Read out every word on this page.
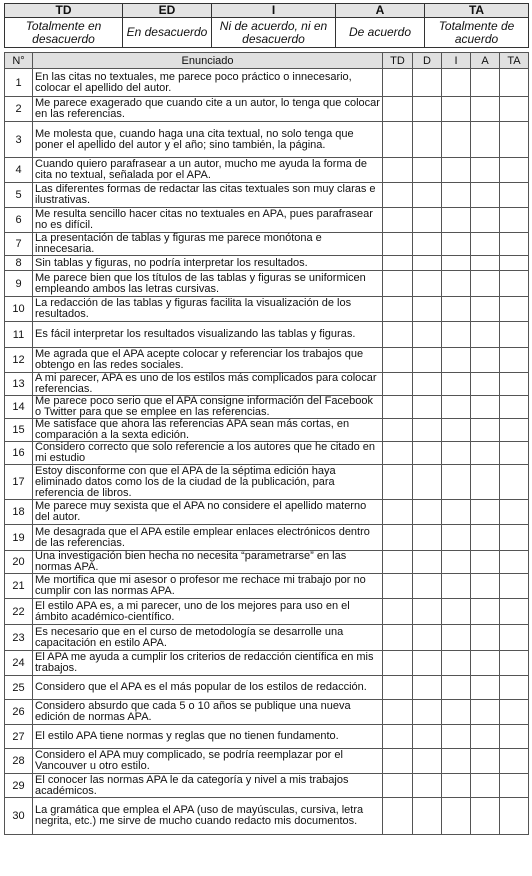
TD	ED	I	A	TA
Totalmente en desacuerdo	En desacuerdo	Ni de acuerdo, ni en desacuerdo	De acuerdo	Totalmente de acuerdo
N°	Enunciado	TD	D	I	A	TA
1	En las citas no textuales, me parece poco práctico o innecesario, colocar el apellido del autor.					
2	Me parece exagerado que cuando cite a un autor, lo tenga que colocar en las referencias.					
3	Me molesta que, cuando haga una cita textual, no solo tenga que poner el apellido del autor y el año; sino también, la página.					
4	Cuando quiero parafrasear a un autor, mucho me ayuda la forma de cita no textual, señalada por el APA.					
5	Las diferentes formas de redactar las citas textuales son muy claras e ilustrativas.					
6	Me resulta sencillo hacer citas no textuales en APA, pues parafrasear no es difícil.					
7	La presentación de tablas y figuras me parece monótona e innecesaria.					
8	Sin tablas y figuras, no podría interpretar los resultados.					
9	Me parece bien que los títulos de las tablas y figuras se uniformicen empleando ambos las letras cursivas.					
10	La redacción de las tablas y figuras facilita la visualización de los resultados.					
11	Es fácil interpretar los resultados visualizando las tablas y figuras.					
12	Me agrada que el APA acepte colocar y referenciar los trabajos que obtengo en las redes sociales.					
13	A mi parecer, APA es uno de los estilos más complicados para colocar referencias.					
14	Me parece poco serio que el APA consigne información del Facebook o Twitter para que se emplee en las referencias.					
15	Me satisface que ahora las referencias APA sean más cortas, en comparación a la sexta edición.					
16	Considero correcto que solo referencie a los autores que he citado en mi estudio					
17	Estoy disconforme con que el APA de la séptima edición haya eliminado datos como los de la ciudad de la publicación, para referencia de libros.					
18	Me parece muy sexista que el APA no considere el apellido materno del autor.					
19	Me desagrada que el APA estile emplear enlaces electrónicos dentro de las referencias.					
20	Una investigación bien hecha no necesita “parametrarse” en las normas APA.					
21	Me mortifica que mi asesor o profesor me rechace mi trabajo por no cumplir con las normas APA.					
22	El estilo APA es, a mi parecer, uno de los mejores para uso en el ámbito académico-científico.					
23	Es necesario que en el curso de metodología se desarrolle una capacitación en estilo APA.					
24	El APA me ayuda a cumplir los criterios de redacción científica en mis trabajos.					
25	Considero que el APA es el más popular de los estilos de redacción.					
26	Considero absurdo que cada 5 o 10 años se publique una nueva edición de normas APA.					
27	El estilo APA tiene normas y reglas que no tienen fundamento.					
28	Considero el APA muy complicado, se podría reemplazar por el Vancouver u otro estilo.					
29	El conocer las normas APA le da categoría y nivel a mis trabajos académicos.					
30	La gramática que emplea el APA (uso de mayúsculas, cursiva, letra negrita, etc.) me sirve de mucho cuando redacto mis documentos.					
